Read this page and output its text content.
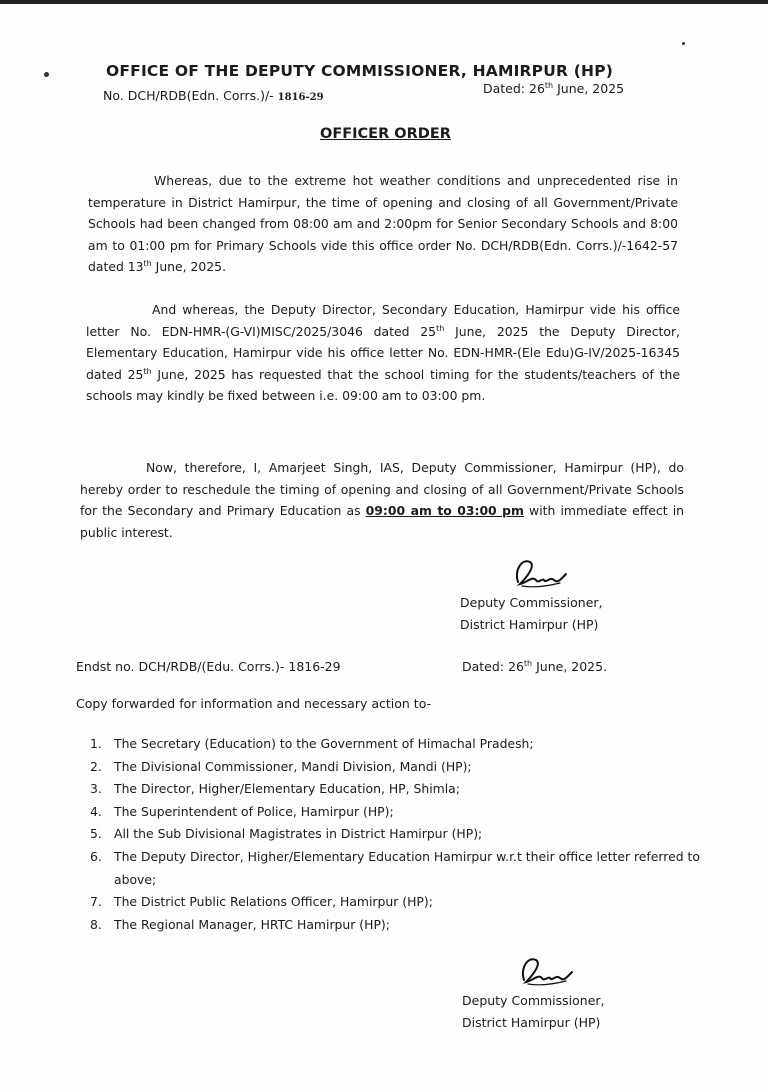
OFFICE OF THE DEPUTY COMMISSIONER, HAMIRPUR (HP)
No. DCH/RDB(Edn. Corrs.)/- 1816-29
Dated: 26th June, 2025
OFFICER ORDER

Whereas, due to the extreme hot weather conditions and unprecedented rise in temperature in District Hamirpur, the time of opening and closing of all Government/Private Schools had been changed from 08:00 am and 2:00pm for Senior Secondary Schools and 8:00 am to 01:00 pm for Primary Schools vide this office order No. DCH/RDB(Edn. Corrs.)/-1642-57 dated 13th June, 2025.

And whereas, the Deputy Director, Secondary Education, Hamirpur vide his office letter No. EDN-HMR-(G-VI)MISC/2025/3046 dated 25th June, 2025 the Deputy Director, Elementary Education, Hamirpur vide his office letter No. EDN-HMR-(Ele Edu)G-IV/2025-16345 dated 25th June, 2025 has requested that the school timing for the students/teachers of the schools may kindly be fixed between i.e. 09:00 am to 03:00 pm.

Now, therefore, I, Amarjeet Singh, IAS, Deputy Commissioner, Hamirpur (HP), do hereby order to reschedule the timing of opening and closing of all Government/Private Schools for the Secondary and Primary Education as 09:00 am to 03:00 pm with immediate effect in public interest.

Deputy Commissioner,
District Hamirpur (HP)
Endst no. DCH/RDB/(Edu. Corrs.)- 1816-29	Dated: 26th June, 2025.
Copy forwarded for information and necessary action to-
1. The Secretary (Education) to the Government of Himachal Pradesh;
2. The Divisional Commissioner, Mandi Division, Mandi (HP);
3. The Director, Higher/Elementary Education, HP, Shimla;
4. The Superintendent of Police, Hamirpur (HP);
5. All the Sub Divisional Magistrates in District Hamirpur (HP);
6. The Deputy Director, Higher/Elementary Education Hamirpur w.r.t their office letter referred to above;
7. The District Public Relations Officer, Hamirpur (HP);
8. The Regional Manager, HRTC Hamirpur (HP);
Deputy Commissioner,
District Hamirpur (HP)
